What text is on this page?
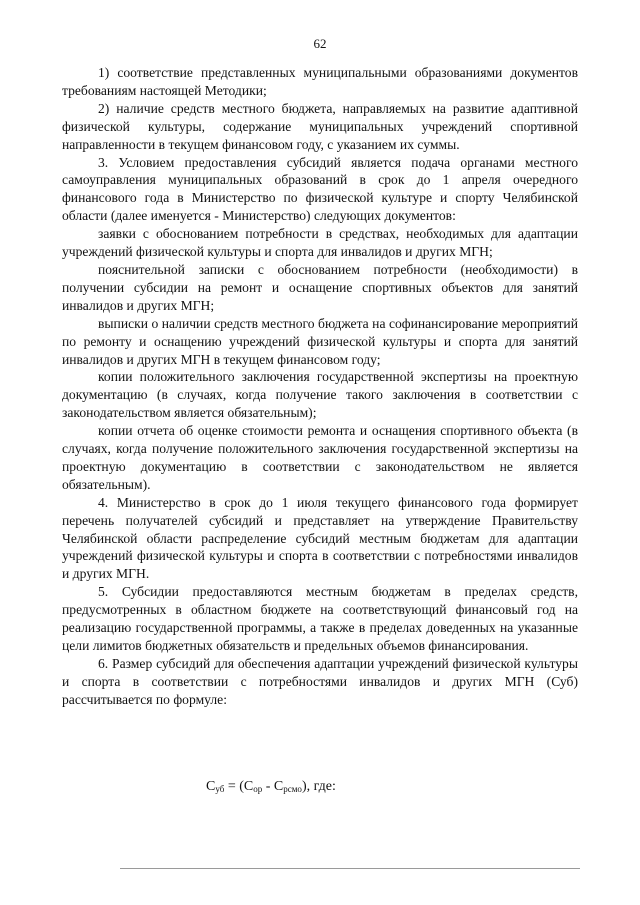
62

1) соответствие представленных муниципальными образованиями документов требованиям настоящей Методики;

2) наличие средств местного бюджета, направляемых на развитие адаптивной физической культуры, содержание муниципальных учреждений спортивной направленности в текущем финансовом году, с указанием их суммы.

3. Условием предоставления субсидий является подача органами местного самоуправления муниципальных образований в срок до 1 апреля очередного финансового года в Министерство по физической культуре и спорту Челябинской области (далее именуется - Министерство) следующих документов:

заявки с обоснованием потребности в средствах, необходимых для адаптации учреждений физической культуры и спорта для инвалидов и других МГН;

пояснительной записки с обоснованием потребности (необходимости) в получении субсидии на ремонт и оснащение спортивных объектов для занятий инвалидов и других МГН;

выписки о наличии средств местного бюджета на софинансирование мероприятий по ремонту и оснащению учреждений физической культуры и спорта для занятий инвалидов и других МГН в текущем финансовом году;

копии положительного заключения государственной экспертизы на проектную документацию (в случаях, когда получение такого заключения в соответствии с законодательством является обязательным);

копии отчета об оценке стоимости ремонта и оснащения спортивного объекта (в случаях, когда получение положительного заключения государственной экспертизы на проектную документацию в соответствии с законодательством не является обязательным).

4. Министерство в срок до 1 июля текущего финансового года формирует перечень получателей субсидий и представляет на утверждение Правительству Челябинской области распределение субсидий местным бюджетам для адаптации учреждений физической культуры и спорта в соответствии с потребностями инвалидов и других МГН.

5. Субсидии предоставляются местным бюджетам в пределах средств, предусмотренных в областном бюджете на соответствующий финансовый год на реализацию государственной программы, а также в пределах доведенных на указанные цели лимитов бюджетных обязательств и предельных объемов финансирования.

6. Размер субсидий для обеспечения адаптации учреждений физической культуры и спорта в соответствии с потребностями инвалидов и других МГН (Суб) рассчитывается по формуле:

$С_{уб} = (С_{ор} - С_{рсмо})$, где:
